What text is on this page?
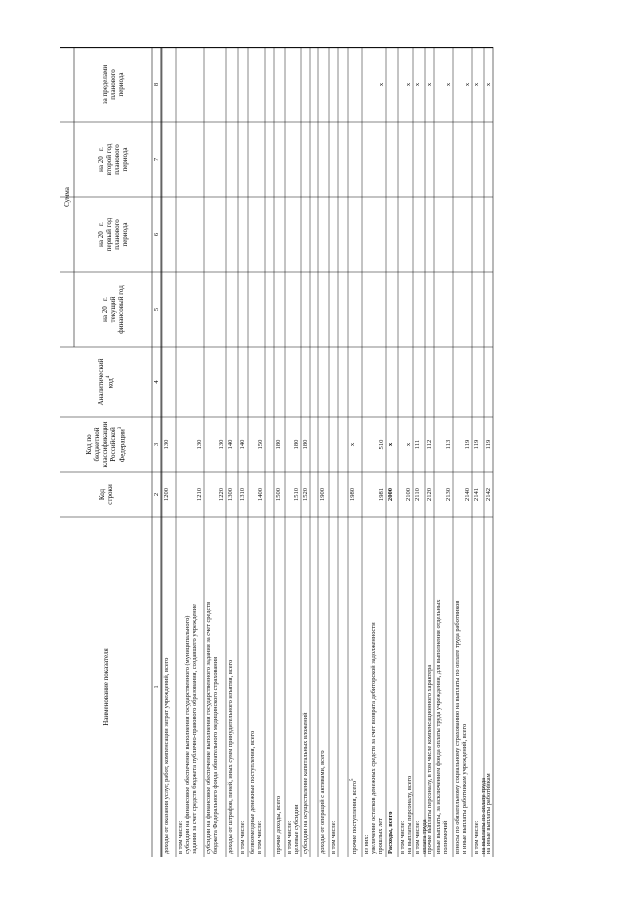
Наименование показателя
Код строки
Код по бюджетной классификации Российской Федерации$^3$
Аналитический код$^4$
Сумма
на 20   г. текущий финансовый год
на 20   г. первый год планового периода
на 20   г. второй год планового периода
за пределами планового периода
1
2
3
4
5
6
7
8
доходы от оказания услуг, работ, компенсации затрат учреждений, всего
1200
130
в том числе: субсидии на финансовое обеспечение выполнения государственного (муниципального) задания за счет средств бюджета публично-правового образования, создавшего учреждение
1210
130
субсидии на финансовое обеспечение выполнения государственного задания за счет средств бюджета Федерального фонда обязательного медицинского страхования
1220
130
доходы от штрафов, пеней, иных сумм принудительного изъятия, всего
1300
140
в том числе:
1310
140
безвозмездные денежные поступления, всего в том числе:
1400
150
прочие доходы, всего
1500
180
в том числе: целевые субсидии
1510
180
субсидии на осуществление капитальных вложений
1520
180
доходы от операций с активами, всего
1900
в том числе:	прочие поступления, всего$^5$
1980
x
из них: увеличение остатков денежных средств за счет возврата дебиторской задолженности прошлых лет
1981
510
x
Расходы, всего
2000
x
в том числе: на выплаты персоналу, всего
2100
x
x
в том числе: оплата труда
2110
111
x
прочие выплаты персоналу, в том числе компенсационного характера
2120
112
x
иные выплаты, за исключением фонда оплаты труда учреждения, для выполнения отдельных полномочий
2130
113
x
взносы по обязательному социальному страхованию на выплаты по оплате труда работников и иные выплаты работникам учреждений, всего
2140
119
x
в том числе: на выплаты по оплате труда
2141
119
x
на иные выплаты работникам
2142
119
x
